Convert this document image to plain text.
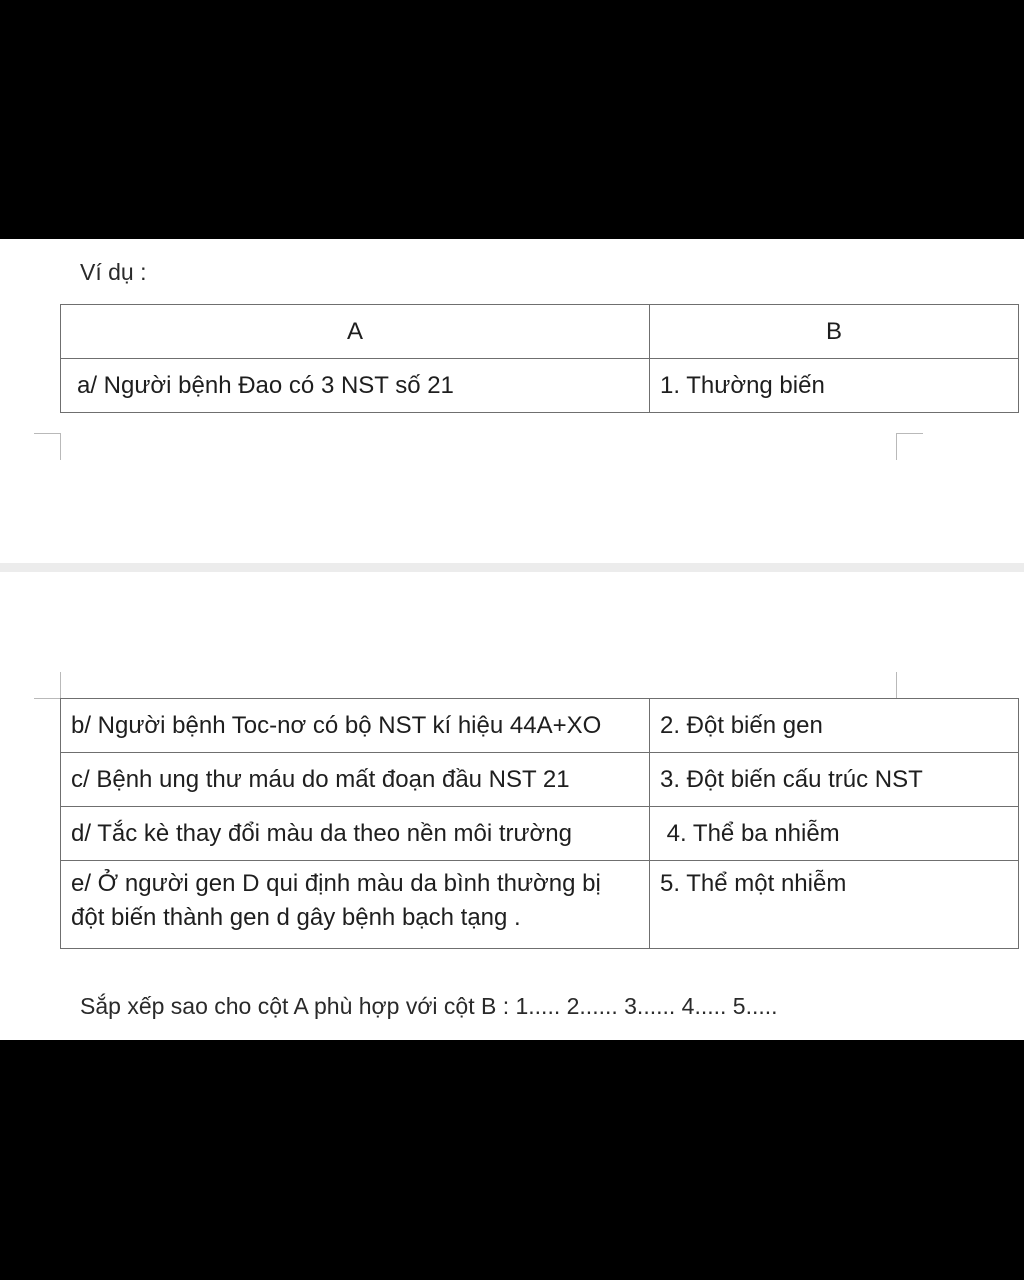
Ví dụ :
A	B
a/ Người bệnh Đao có 3 NST số 21	1. Thường biến
b/ Người bệnh Toc-nơ có bộ NST kí hiệu 44A+XO	2. Đột biến gen
c/ Bệnh ung thư máu do mất đoạn đầu NST 21	3. Đột biến cấu trúc NST
d/ Tắc kè thay đổi màu da theo nền môi trường	4. Thể ba nhiễm
e/ Ở người gen D qui định màu da bình thường bị đột biến thành gen d gây bệnh bạch tạng .	5. Thể một nhiễm
Sắp xếp sao cho cột A phù hợp với cột B : 1..... 2...... 3...... 4..... 5.....
